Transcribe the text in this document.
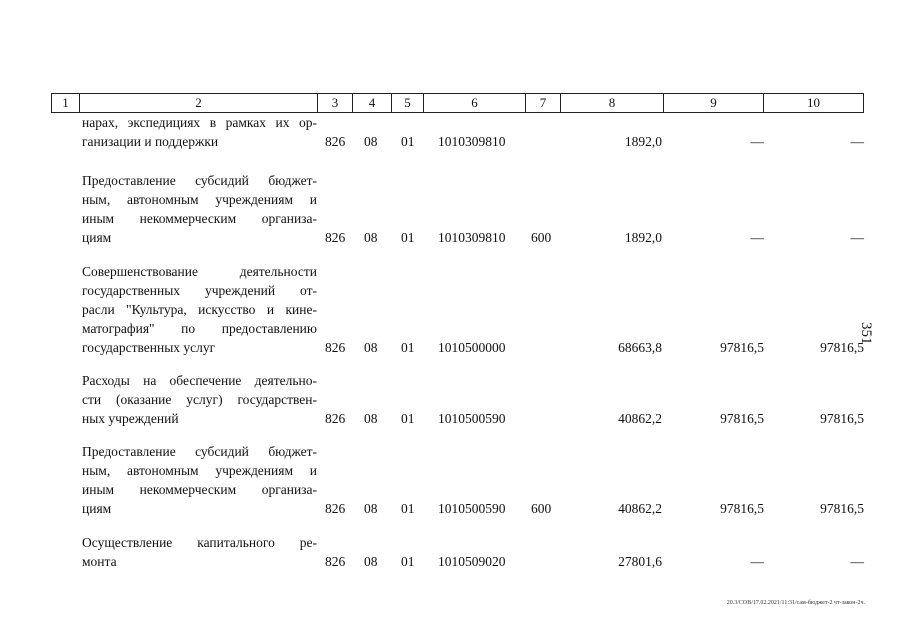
1	2	3	4	5	6	7	8	9	10
нарах, экспедициях в рамках их ор-
ганизации и поддержки	826 08 01 1010309810	1892,0	—	—
Предоставление субсидий бюджет-
ным, автономным учреждениям и
иным некоммерческим организа-
циям	826 08 01 1010309810 600	1892,0	—	—
Совершенствование деятельности
государственных учреждений от-
расли "Культура, искусство и кине-
матография" по предоставлению
государственных услуг	826 08 01 1010500000	68663,8	97816,5	97816,5
Расходы на обеспечение деятельно-
сти (оказание услуг) государствен-
ных учреждений	826 08 01 1010500590	40862,2	97816,5	97816,5
Предоставление субсидий бюджет-
ным, автономным учреждениям и
иным некоммерческим организа-
циям	826 08 01 1010500590 600	40862,2	97816,5	97816,5
Осуществление капитального ре-
монта	826 08 01 1010509020	27801,6	—	—
351
20.3/СОВ/17.02.2021/11:31/сам-бюджет-2 чт-закон-2ч.
